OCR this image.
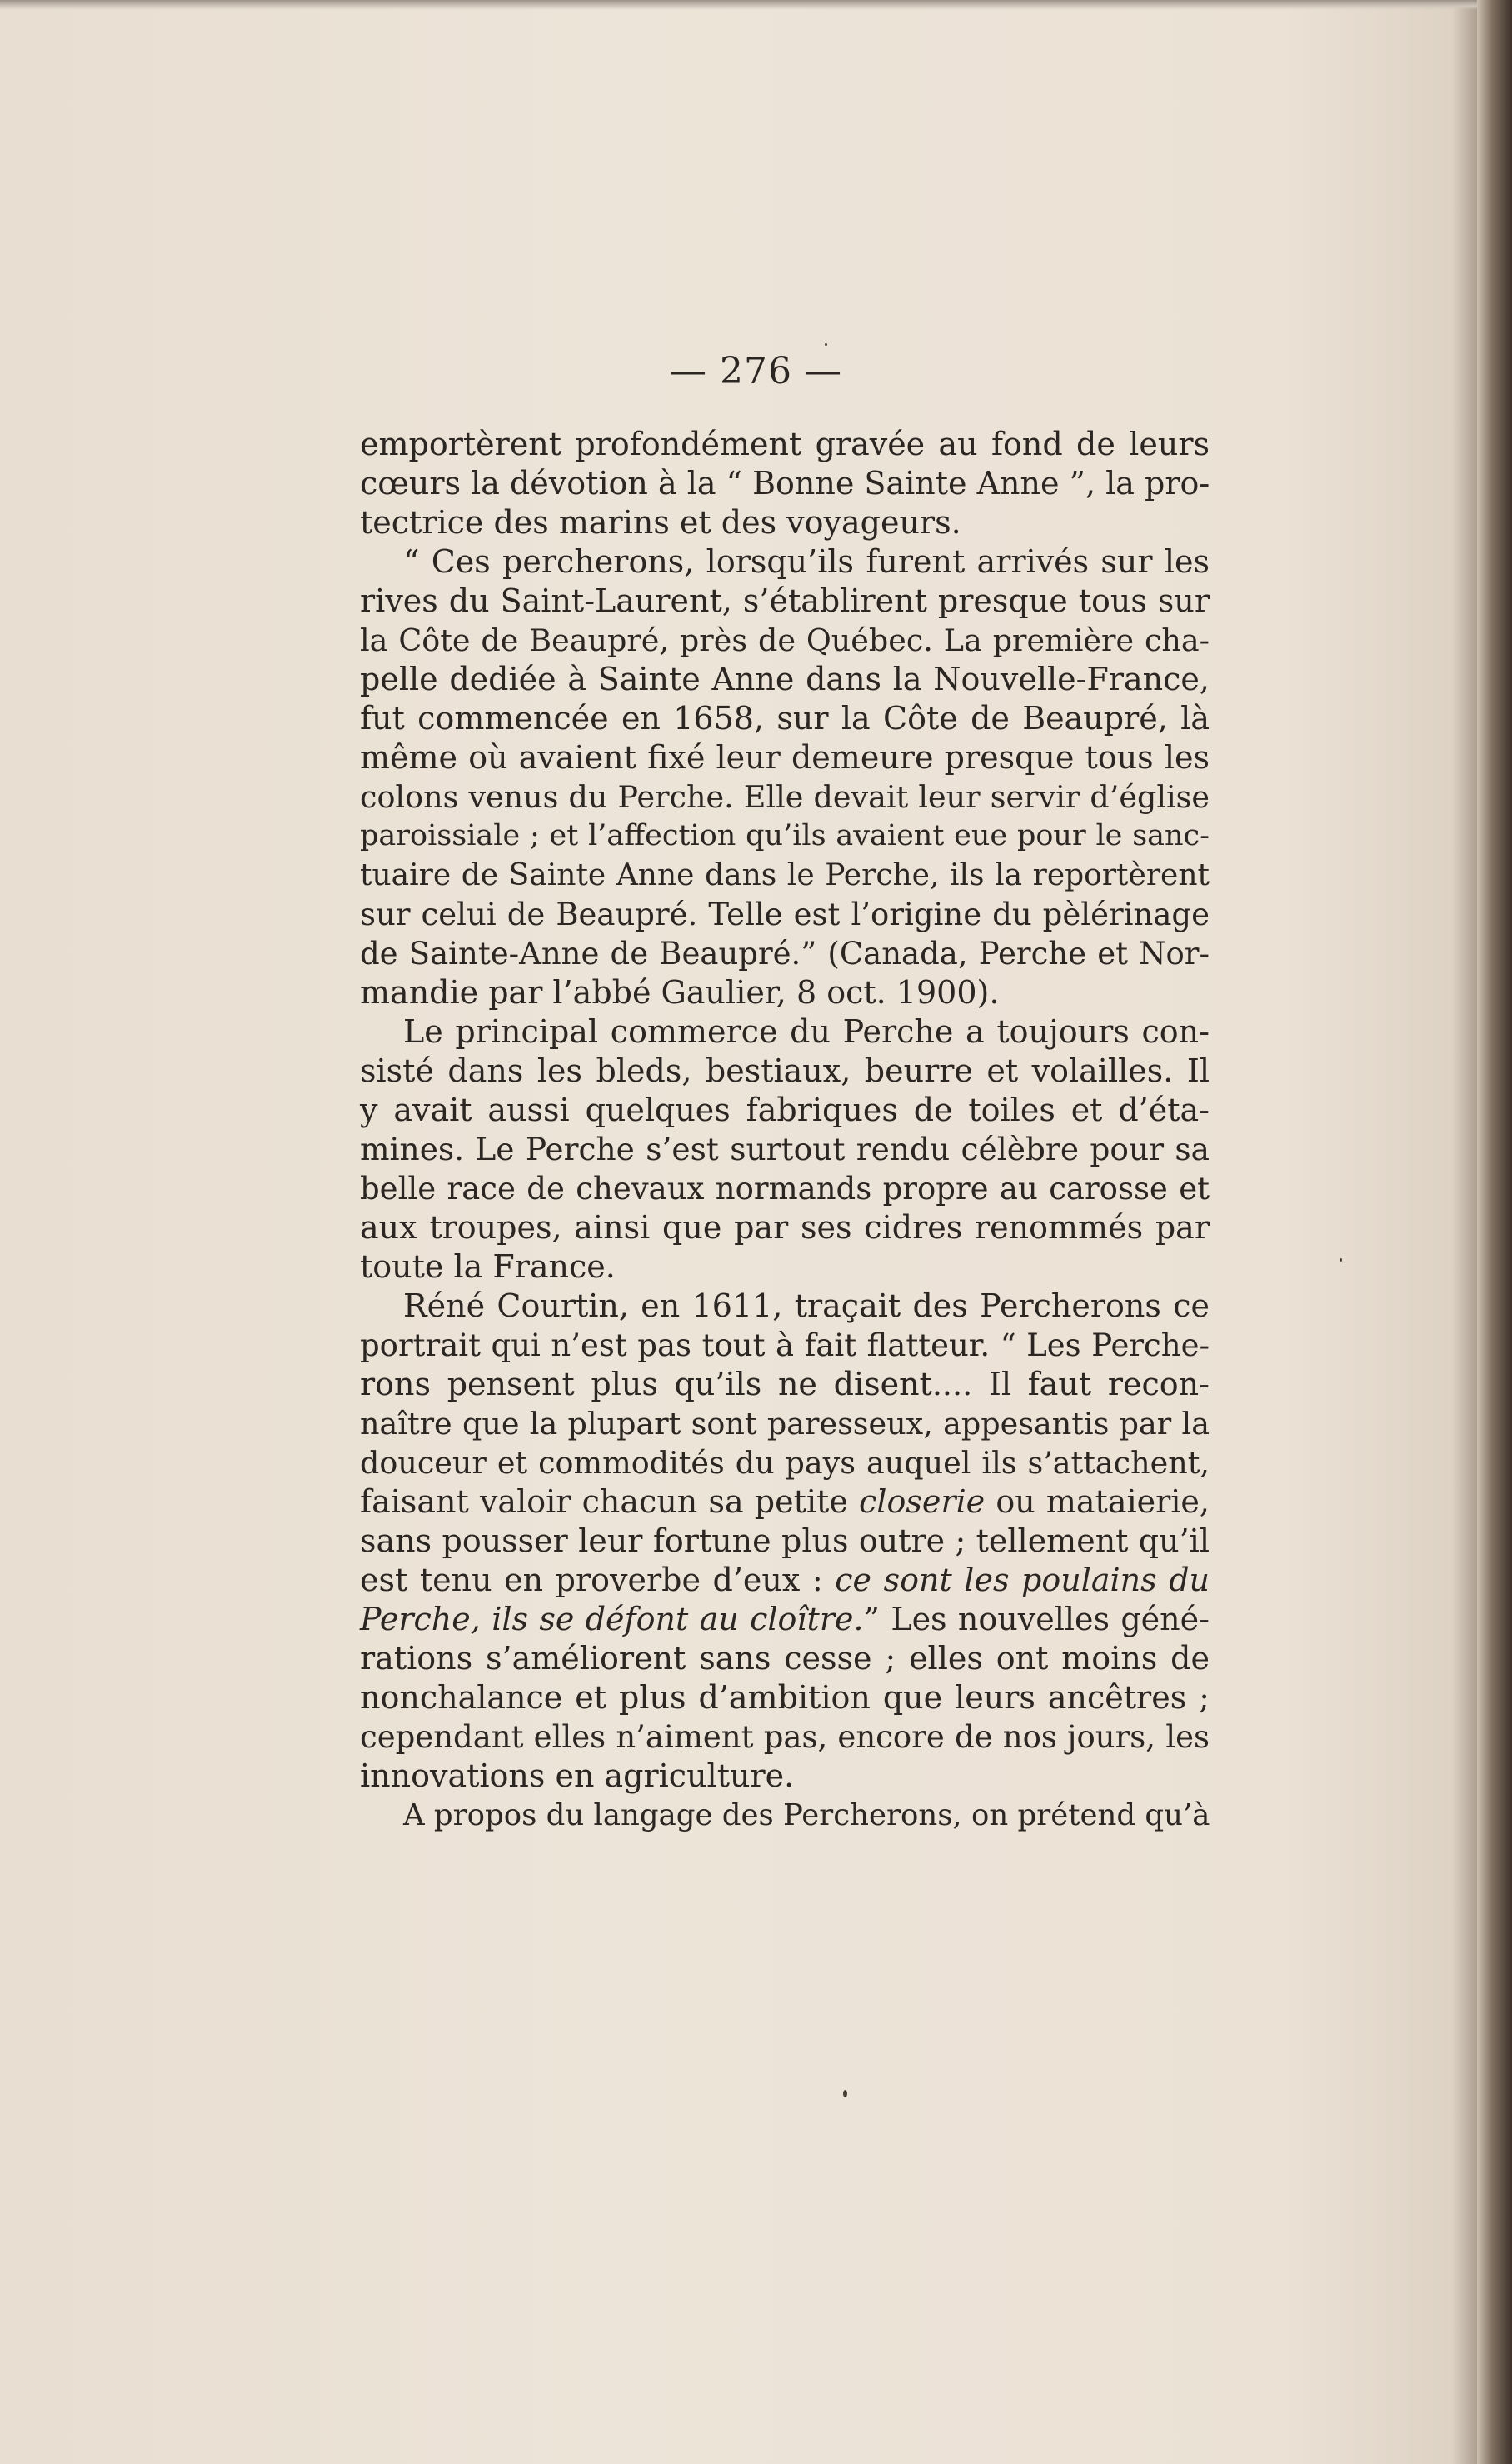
— 276 —
emportèrent profondément gravée au fond de leurs
cœurs la dévotion à la “ Bonne Sainte Anne ”, la pro-
tectrice des marins et des voyageurs.
“ Ces percherons, lorsqu’ils furent arrivés sur les
rives du Saint-Laurent, s’établirent presque tous sur
la Côte de Beaupré, près de Québec. La première cha-
pelle dediée à Sainte Anne dans la Nouvelle-France,
fut commencée en 1658, sur la Côte de Beaupré, là
même où avaient fixé leur demeure presque tous les
colons venus du Perche. Elle devait leur servir d’église
paroissiale ; et l’affection qu’ils avaient eue pour le sanc-
tuaire de Sainte Anne dans le Perche, ils la reportèrent
sur celui de Beaupré. Telle est l’origine du pèlérinage
de Sainte-Anne de Beaupré.” (Canada, Perche et Nor-
mandie par l’abbé Gaulier, 8 oct. 1900).
Le principal commerce du Perche a toujours con-
sisté dans les bleds, bestiaux, beurre et volailles. Il
y avait aussi quelques fabriques de toiles et d’éta-
mines. Le Perche s’est surtout rendu célèbre pour sa
belle race de chevaux normands propre au carosse et
aux troupes, ainsi que par ses cidres renommés par
toute la France.
Réné Courtin, en 1611, traçait des Percherons ce
portrait qui n’est pas tout à fait flatteur. “ Les Perche-
rons pensent plus qu’ils ne disent.... Il faut recon-
naître que la plupart sont paresseux, appesantis par la
douceur et commodités du pays auquel ils s’attachent,
faisant valoir chacun sa petite closerie ou mataierie,
sans pousser leur fortune plus outre ; tellement qu’il
est tenu en proverbe d’eux : ce sont les poulains du
Perche, ils se défont au cloître.” Les nouvelles géné-
rations s’améliorent sans cesse ; elles ont moins de
nonchalance et plus d’ambition que leurs ancêtres ;
cependant elles n’aiment pas, encore de nos jours, les
innovations en agriculture.
A propos du langage des Percherons, on prétend qu’à
